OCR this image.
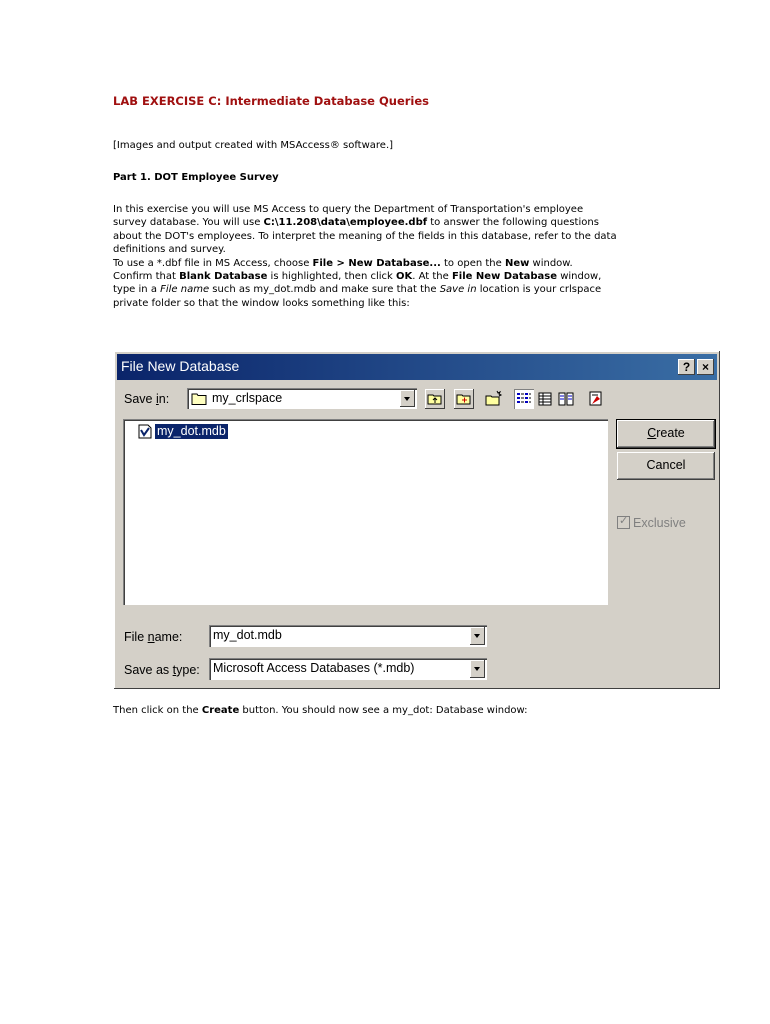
LAB EXERCISE C: Intermediate Database Queries
[Images and output created with MSAccess® software.]
Part 1. DOT Employee Survey

In this exercise you will use MS Access to query the Department of Transportation's employee

survey database. You will use C:\11.208\data\employee.dbf to answer the following questions

about the DOT's employees. To interpret the meaning of the fields in this database, refer to the data

definitions and survey.

To use a *.dbf file in MS Access, choose File > New Database... to open the New window.

Confirm that Blank Database is highlighted, then click OK. At the File New Database window,

type in a File name such as my_dot.mdb and make sure that the Save in location is your crlspace

private folder so that the window looks something like this:

File New Database	? ×
Save in:	my_crlspace
my_dot.mdb	Create
Cancel
✓Exclusive
File name: my_dot.mdb
Save as type: Microsoft Access Databases (*.mdb)
Then click on the Create button. You should now see a my_dot: Database window:
